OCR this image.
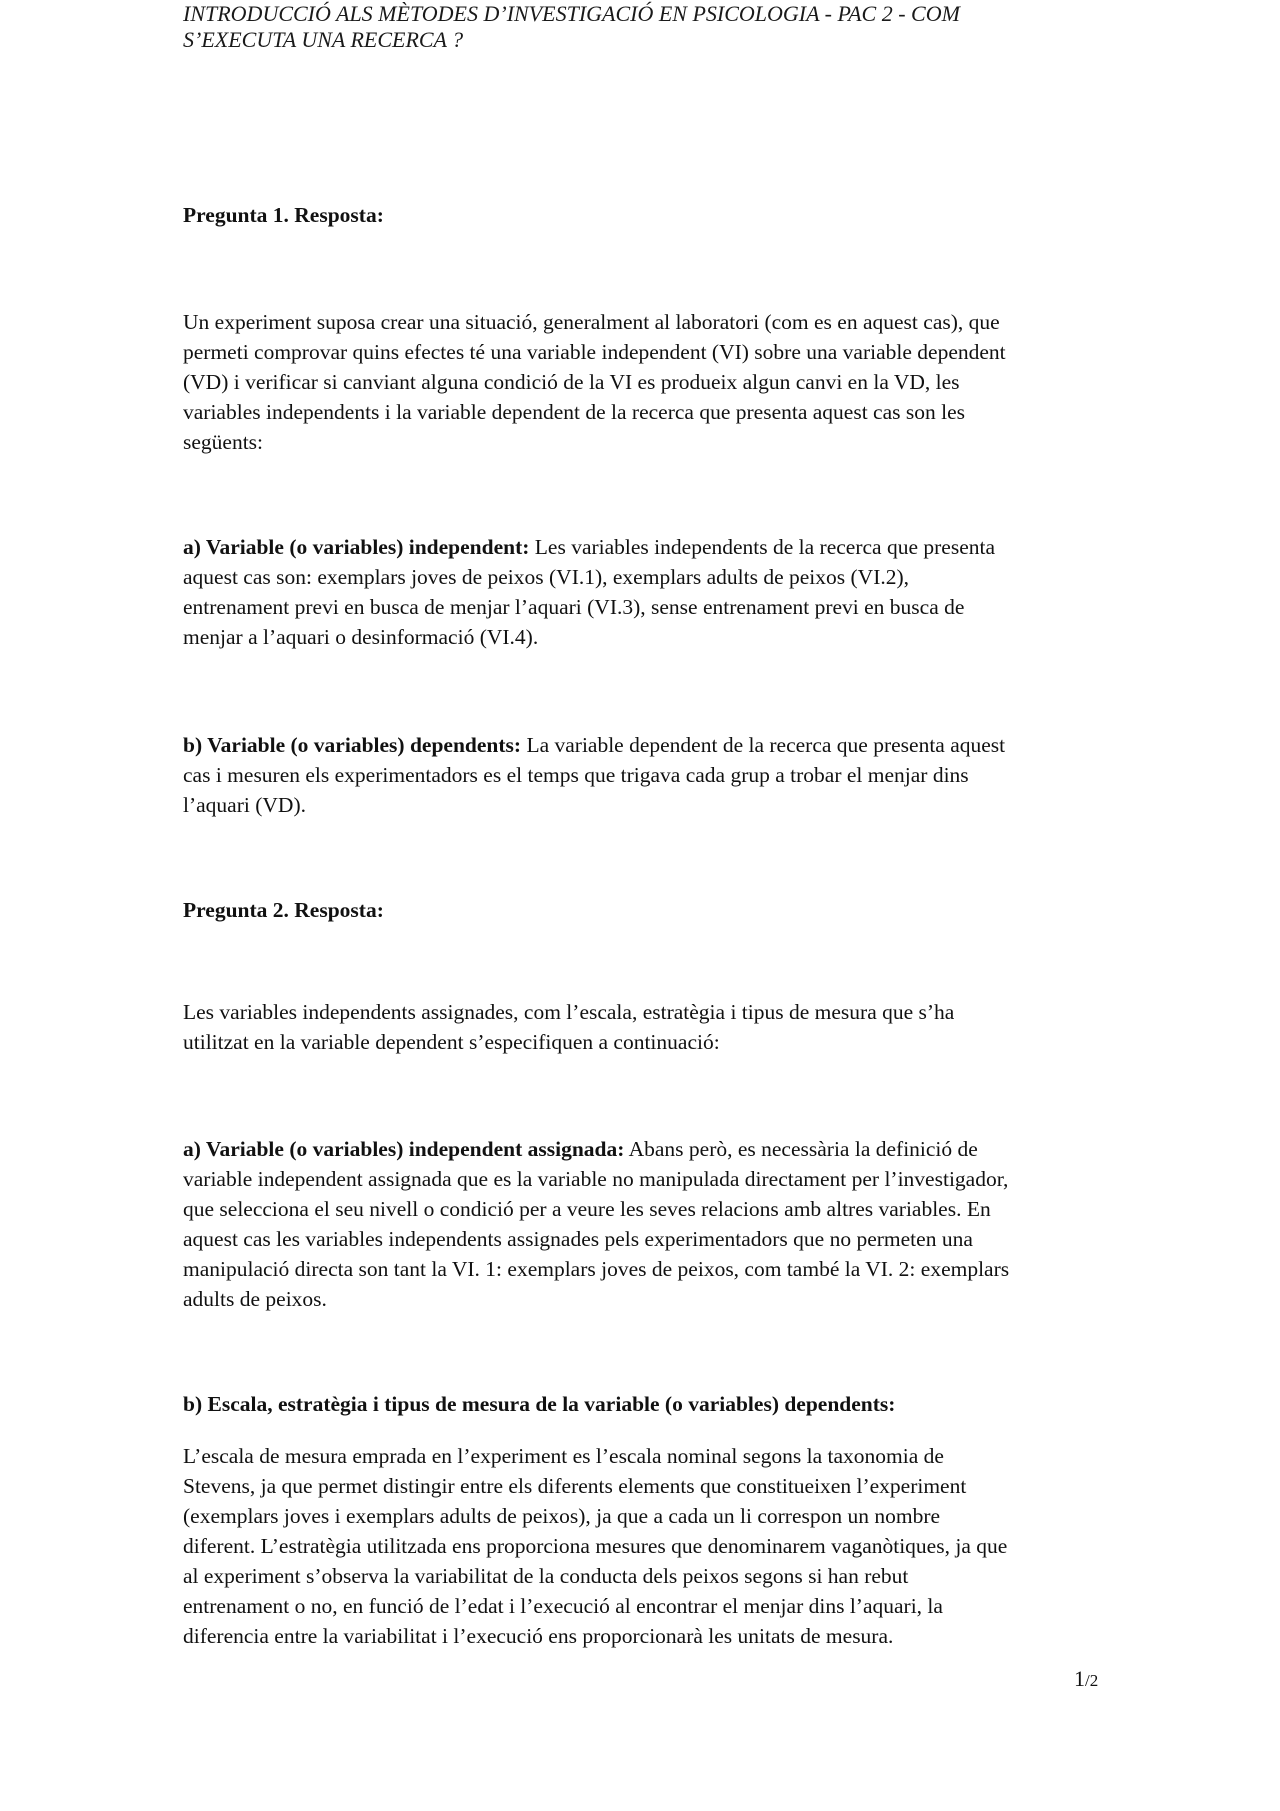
INTRODUCCIÓ ALS MÈTODES D’INVESTIGACIÓ EN PSICOLOGIA - PAC 2 - COM
S’EXECUTA UNA RECERCA ?

Pregunta 1. Resposta:

Un experiment suposa crear una situació, generalment al laboratori (com es en aquest cas), que
permeti comprovar quins efectes té una variable independent (VI) sobre una variable dependent
(VD) i verificar si canviant alguna condició de la VI es produeix algun canvi en la VD, les
variables independents i la variable dependent de la recerca que presenta aquest cas son les
següents:

a) Variable (o variables) independent: Les variables independents de la recerca que presenta
aquest cas son: exemplars joves de peixos (VI.1), exemplars adults de peixos (VI.2),
entrenament previ en busca de menjar l’aquari (VI.3), sense entrenament previ en busca de
menjar a l’aquari o desinformació (VI.4).

b) Variable (o variables) dependents: La variable dependent de la recerca que presenta aquest
cas i mesuren els experimentadors es el temps que trigava cada grup a trobar el menjar dins
l’aquari (VD).

Pregunta 2. Resposta:

Les variables independents assignades, com l’escala, estratègia i tipus de mesura que s’ha
utilitzat en la variable dependent s’especifiquen a continuació:

a) Variable (o variables) independent assignada: Abans però, es necessària la definició de
variable independent assignada que es la variable no manipulada directament per l’investigador,
que selecciona el seu nivell o condició per a veure les seves relacions amb altres variables. En
aquest cas les variables independents assignades pels experimentadors que no permeten una
manipulació directa son tant la VI. 1: exemplars joves de peixos, com també la VI. 2: exemplars
adults de peixos.

b) Escala, estratègia i tipus de mesura de la variable (o variables) dependents:

L’escala de mesura emprada en l’experiment es l’escala nominal segons la taxonomia de
Stevens, ja que permet distingir entre els diferents elements que constitueixen l’experiment
(exemplars joves i exemplars adults de peixos), ja que a cada un li correspon un nombre
diferent. L’estratègia utilitzada ens proporciona mesures que denominarem vaganòtiques, ja que
al experiment s’observa la variabilitat de la conducta dels peixos segons si han rebut
entrenament o no, en funció de l’edat i l’execució al encontrar el menjar dins l’aquari, la
diferencia entre la variabilitat i l’execució ens proporcionarà les unitats de mesura.

1/2
